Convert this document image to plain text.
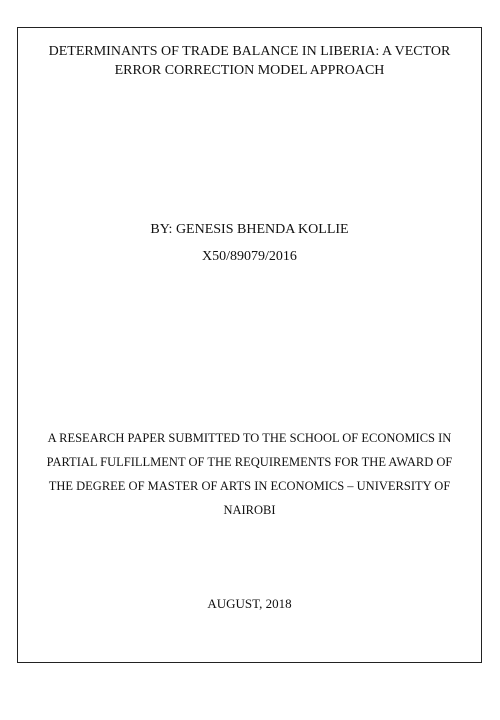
DETERMINANTS OF TRADE BALANCE IN LIBERIA: A VECTOR
ERROR CORRECTION MODEL APPROACH
BY: GENESIS BHENDA KOLLIE
X50/89079/2016
A RESEARCH PAPER SUBMITTED TO THE SCHOOL OF ECONOMICS IN
PARTIAL FULFILLMENT OF THE REQUIREMENTS FOR THE AWARD OF
THE DEGREE OF MASTER OF ARTS IN ECONOMICS – UNIVERSITY OF
NAIROBI
AUGUST, 2018
